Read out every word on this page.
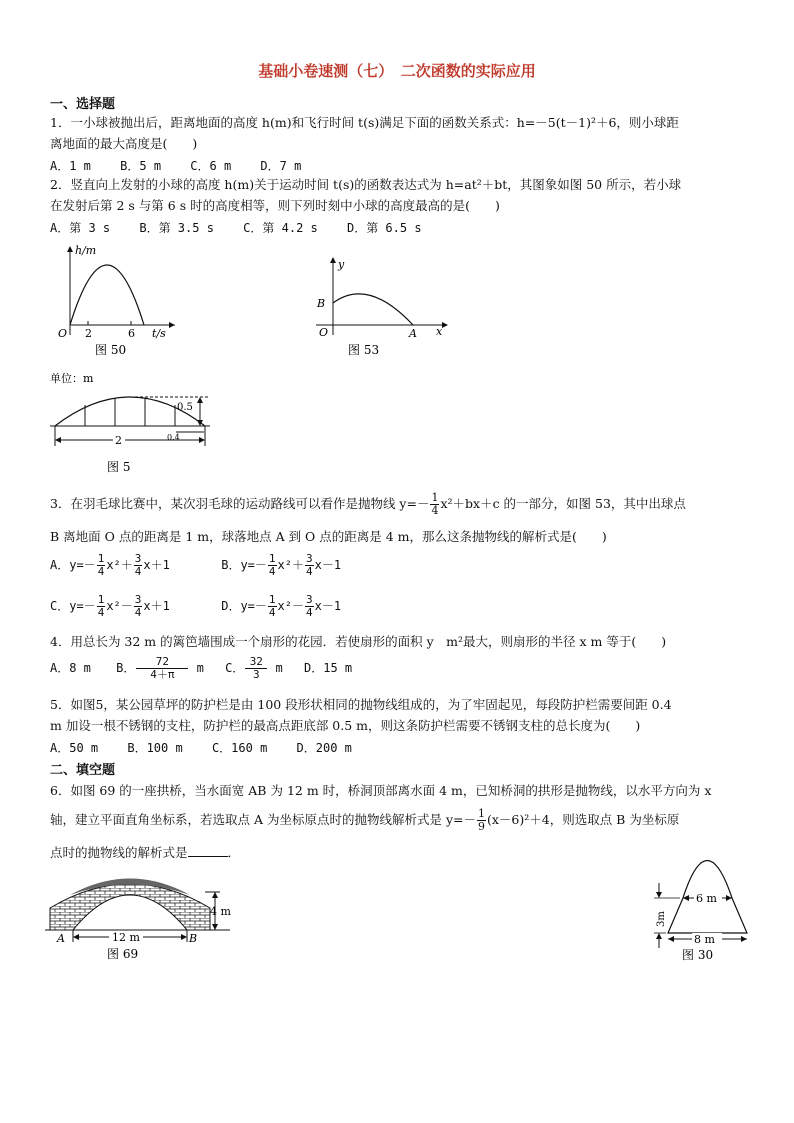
基础小卷速测（七）　二次函数的实际应用
一、选择题
1．一小球被抛出后，距离地面的高度 h(m)和飞行时间 t(s)满足下面的函数关系式：h=－5(t－1)²＋6，则小球距
离地面的最大高度是(　　)
A．1 m B．5 m C．6 m D．7 m
2．竖直向上发射的小球的高度 h(m)关于运动时间 t(s)的函数表达式为 h=at²＋bt，其图象如图 50 所示，若小球
在发射后第 2 s 与第 6 s 时的高度相等，则下列时刻中小球的高度最高的是(　　)
A．第 3 s B．第 3.5 s C．第 4.2 s D．第 6.5 s
h/m
O 2	6 t/s
图 50
y
B
O	A x
图 53
单位：m
0.5
2	0.4
图 5
3．在羽毛球比赛中，某次羽毛球的运动路线可以看作是抛物线 $y=- \frac{1}{4} x^2+bx+c$ 的一部分，如图 53，其中出球点
B 离地面 O 点的距离是 1 m，球落地点 A 到 O 点的距离是 4 m，那么这条抛物线的解析式是(　　)
A．$y=- \frac{1}{4} x^2+ \frac{3}{4} x+1$	B．$y=- \frac{1}{4} x^2+ \frac{3}{4} x-1$
C．$y=- \frac{1}{4} x^2- \frac{3}{4} x+1$	D．$y=- \frac{1}{4} x^2- \frac{3}{4} x-1$
4．用总长为 32 m 的篱笆墙围成一个扇形的花园．若使扇形的面积 y　m²最大，则扇形的半径 x m 等于(　　)
A．8 m B． $\frac{72}{4+\pi}$ m C． $\frac{32}{3}$ m D．15 m
5．如图5，某公园草坪的防护栏是由 100 段形状相同的抛物线组成的，为了牢固起见，每段防护栏需要间距 0.4
m 加设一根不锈钢的支柱，防护栏的最高点距底部 0.5 m，则这条防护栏需要不锈钢支柱的总长度为(　　)
A．50 m B．100 m C．160 m D．200 m
二、填空题
6．如图 69 的一座拱桥，当水面宽 AB 为 12 m 时，桥洞顶部离水面 4 m，已知桥洞的拱形是抛物线，以水平方向为 x
轴，建立平面直角坐标系，若选取点 A 为坐标原点时的抛物线解析式是 $y=- \frac{1}{9} (x-6)^2+4$，则选取点 B 为坐标原
点时的抛物线的解析式是	．
4 m
12 m
A	B
图 69
6 m
8 m
3m
图 30
